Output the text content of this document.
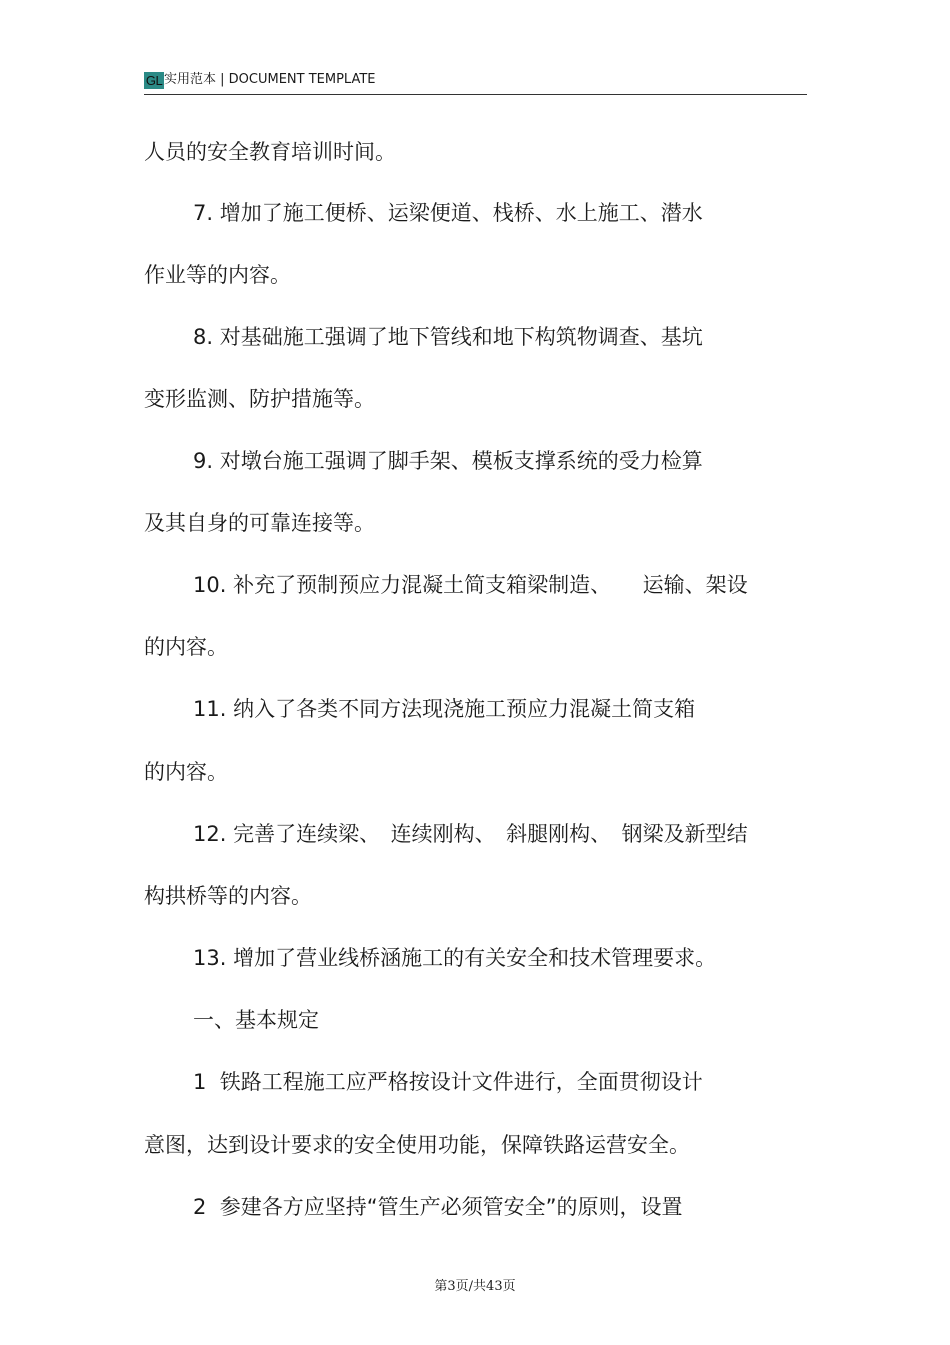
GL 实用范本 | DOCUMENT TEMPLATE
人员的安全教育培训时间。
7. 增加了施工便桥、运梁便道、栈桥、水上施工、潜水
作业等的内容。
8. 对基础施工强调了地下管线和地下构筑物调查、基坑
变形监测、防护措施等。
9. 对墩台施工强调了脚手架、模板支撑系统的受力检算
及其自身的可靠连接等。
10. 补充了预制预应力混凝土简支箱梁制造、　　运输、架设
的内容。
11. 纳入了各类不同方法现浇施工预应力混凝土简支箱
的内容。
12. 完善了连续梁、　连续刚构、　斜腿刚构、　钢梁及新型结
构拱桥等的内容。
13. 增加了营业线桥涵施工的有关安全和技术管理要求。
一、基本规定
1  铁路工程施工应严格按设计文件进行，全面贯彻设计
意图，达到设计要求的安全使用功能，保障铁路运营安全。
2  参建各方应坚持“管生产必须管安全”的原则，设置
第3页/共43页
